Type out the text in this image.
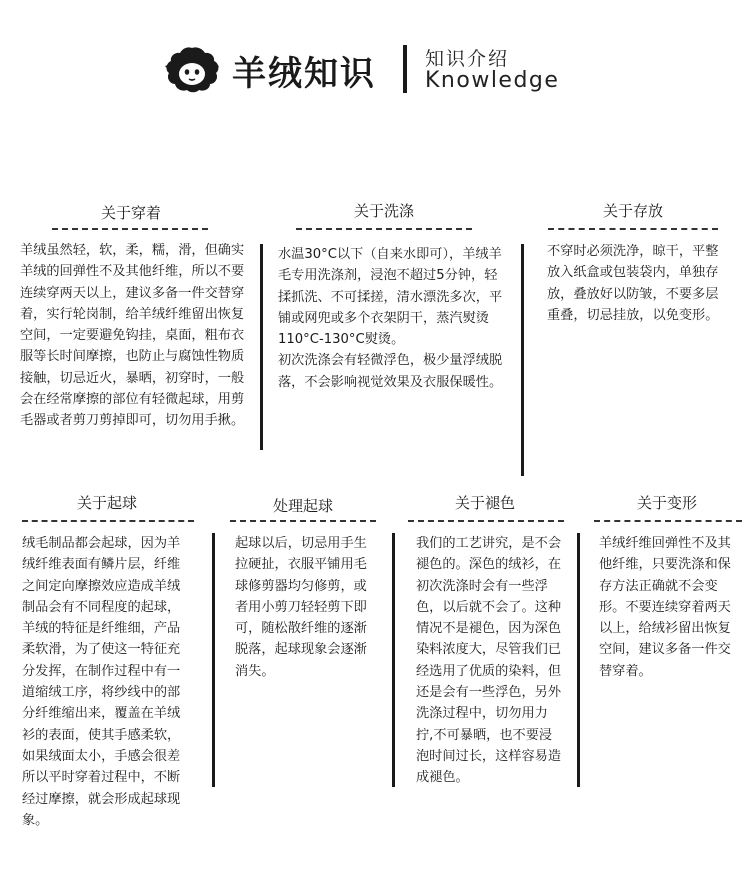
羊绒知识	知识介绍
Knowledge
关于穿着

羊绒虽然轻，软，柔，糯，滑，但确实羊绒的回弹性不及其他纤维，所以不要连续穿两天以上，建议多备一件交替穿着，实行轮岗制，给羊绒纤维留出恢复空间，一定要避免钩挂，桌面，粗布衣服等长时间摩擦，也防止与腐蚀性物质接触，切忌近火，暴晒，初穿时，一般会在经常摩擦的部位有轻微起球，用剪毛器或者剪刀剪掉即可，切勿用手揪。

关于洗涤

水温30°C以下（自来水即可），羊绒羊毛专用洗涤剂，浸泡不超过5分钟，轻揉抓洗、不可揉搓，清水漂洗多次，平铺或网兜或多个衣架阴干，蒸汽熨烫110°C-130°C熨烫。

初次洗涤会有轻微浮色，极少量浮绒脱落，不会影响视觉效果及衣服保暖性。

关于存放

不穿时必须洗净，晾干，平整放入纸盒或包装袋内，单独存放，叠放好以防皱，不要多层重叠，切忌挂放，以免变形。

关于起球

绒毛制品都会起球，因为羊绒纤维表面有鳞片层，纤维之间定向摩擦效应造成羊绒制品会有不同程度的起球，羊绒的特征是纤维细，产品柔软滑，为了使这一特征充分发挥，在制作过程中有一道缩绒工序，将纱线中的部分纤维缩出来，覆盖在羊绒衫的表面，使其手感柔软，如果绒面太小，手感会很差所以平时穿着过程中，不断经过摩擦，就会形成起球现象。

处理起球

起球以后，切忌用手生拉硬扯，衣服平铺用毛球修剪器均匀修剪，或者用小剪刀轻轻剪下即可，随松散纤维的逐渐脱落，起球现象会逐渐消失。

关于褪色

我们的工艺讲究，是不会褪色的。深色的绒衫，在初次洗涤时会有一些浮色，以后就不会了。这种情况不是褪色，因为深色染料浓度大，尽管我们已经选用了优质的染料，但还是会有一些浮色，另外洗涤过程中，切勿用力拧,不可暴晒，也不要浸泡时间过长，这样容易造成褪色。

关于变形

羊绒纤维回弹性不及其他纤维，只要洗涤和保存方法正确就不会变形。不要连续穿着两天以上，给绒衫留出恢复空间，建议多备一件交替穿着。
